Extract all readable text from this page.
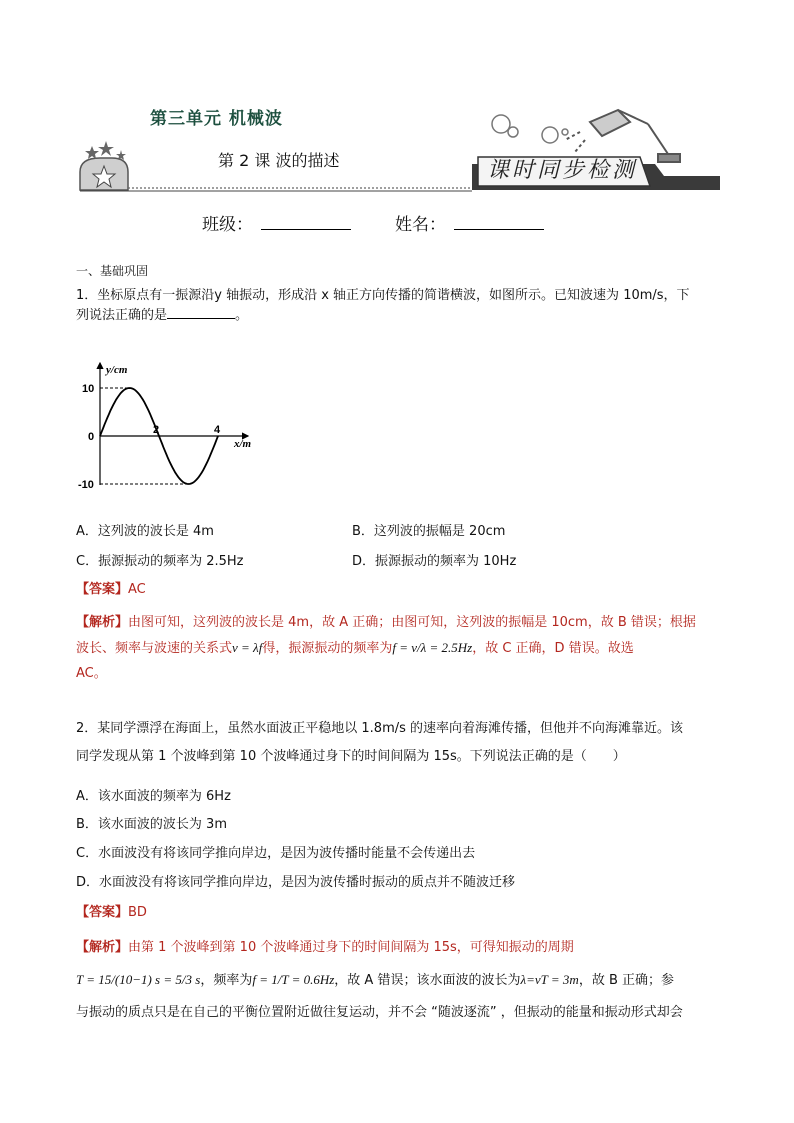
第三单元 机械波
第 2 课 波的描述	课时同步检测
班级：	姓名：
一、基础巩固
1．坐标原点有一振源沿y 轴振动，形成沿 x 轴正方向传播的简谐横波，如图所示。已知波速为 10m/s，下
列说法正确的是	。
y/cm
x/m
10
-10
0
2	4
A．这列波的波长是 4m	B．这列波的振幅是 20cm
C．振源振动的频率为 2.5Hz	D．振源振动的频率为 10Hz
【答案】AC
【解析】由图可知，这列波的波长是 4m，故 A 正确；由图可知，这列波的振幅是 10cm，故 B 错误；根据
波长、频率与波速的关系式v = λf得，振源振动的频率为f = v/λ = 2.5Hz，故 C 正确，D 错误。故选
AC。
2．某同学漂浮在海面上，虽然水面波正平稳地以 1.8m/s 的速率向着海滩传播，但他并不向海滩靠近。该
同学发现从第 1 个波峰到第 10 个波峰通过身下的时间间隔为 15s。下列说法正确的是（　　）
A．该水面波的频率为 6Hz
B．该水面波的波长为 3m
C．水面波没有将该同学推向岸边，是因为波传播时能量不会传递出去
D．水面波没有将该同学推向岸边，是因为波传播时振动的质点并不随波迁移
【答案】BD
【解析】由第 1 个波峰到第 10 个波峰通过身下的时间间隔为 15s，可得知振动的周期
T = 15/(10−1) s = 5/3 s，频率为f = 1/T = 0.6Hz，故 A 错误；该水面波的波长为λ=vT = 3m，故 B 正确；参
与振动的质点只是在自己的平衡位置附近做往复运动，并不会 “随波逐流” ，但振动的能量和振动形式却会
